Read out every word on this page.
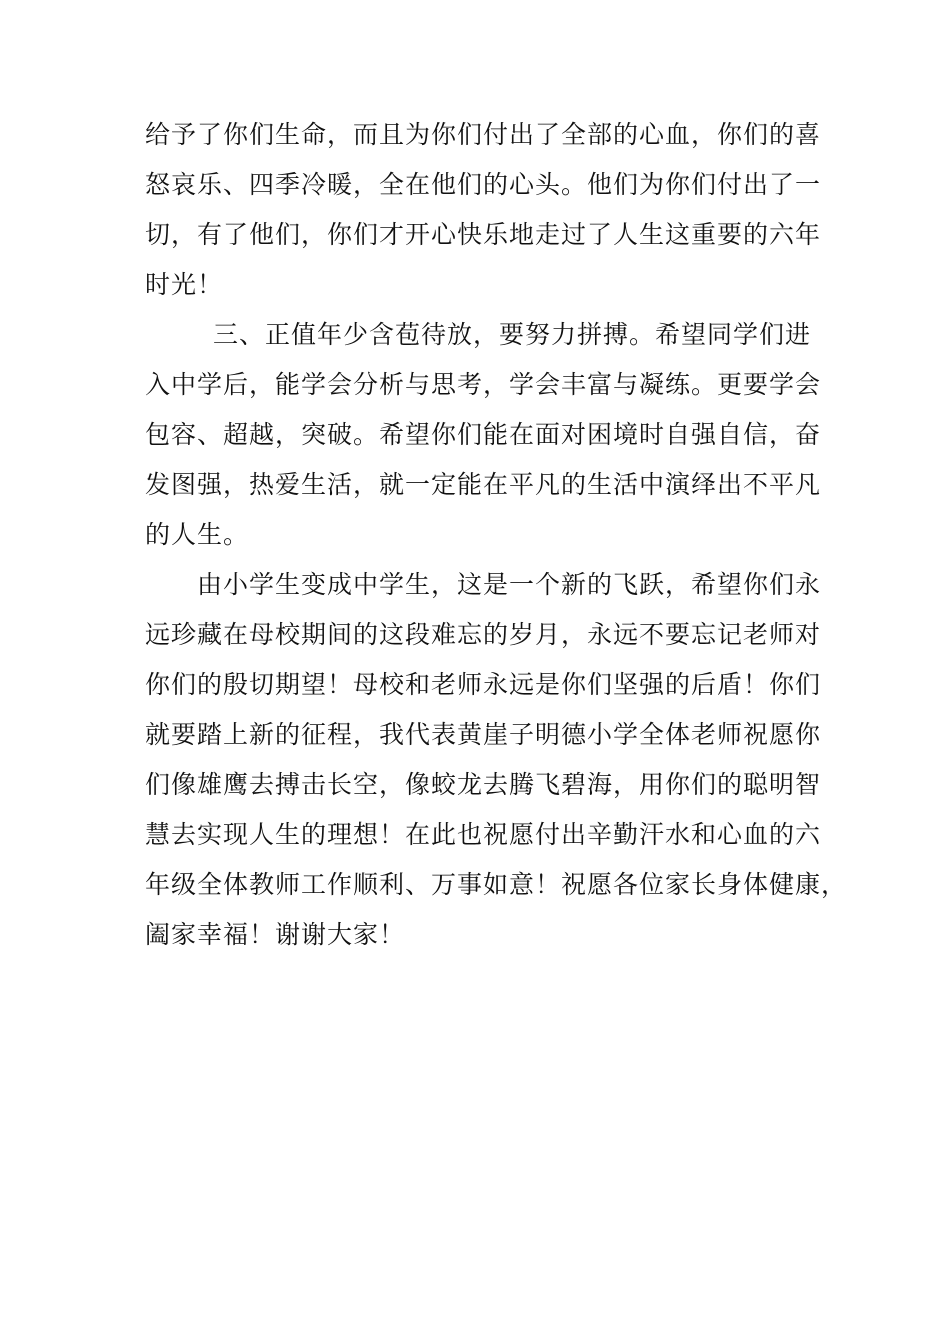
给予了你们生命，而且为你们付出了全部的心血，你们的喜
怒哀乐、四季冷暖，全在他们的心头。他们为你们付出了一
切，有了他们，你们才开心快乐地走过了人生这重要的六年
时光！
三、正值年少含苞待放，要努力拼搏。希望同学们进
入中学后，能学会分析与思考，学会丰富与凝练。更要学会
包容、超越，突破。希望你们能在面对困境时自强自信，奋
发图强，热爱生活，就一定能在平凡的生活中演绎出不平凡
的人生。
由小学生变成中学生，这是一个新的飞跃，希望你们永
远珍藏在母校期间的这段难忘的岁月，永远不要忘记老师对
你们的殷切期望！母校和老师永远是你们坚强的后盾！你们
就要踏上新的征程，我代表黄崖子明德小学全体老师祝愿你
们像雄鹰去搏击长空，像蛟龙去腾飞碧海，用你们的聪明智
慧去实现人生的理想！在此也祝愿付出辛勤汗水和心血的六
年级全体教师工作顺利、万事如意！祝愿各位家长身体健康，
阖家幸福！谢谢大家！
